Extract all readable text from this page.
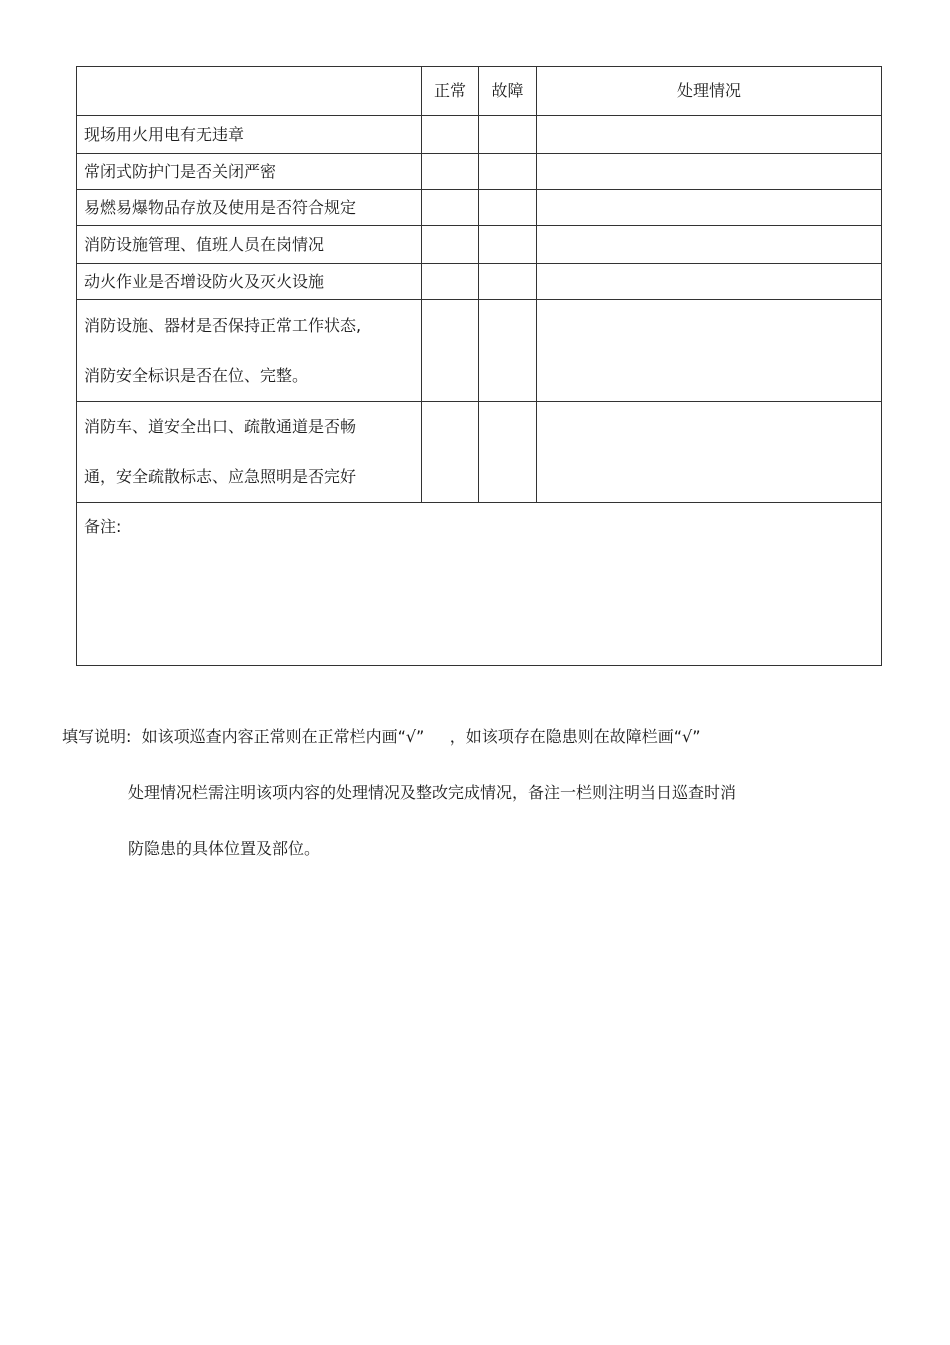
	正常	故障	处理情况
现场用火用电有无违章			
常闭式防护门是否关闭严密			
易燃易爆物品存放及使用是否符合规定			
消防设施管理、值班人员在岗情况			
动火作业是否增设防火及灭火设施			

消防设施、器材是否保持正常工作状态,
消防安全标识是否在位、完整。			

消防车、道安全出口、疏散通道是否畅
通，安全疏散标志、应急照明是否完好			

备注:			
填写说明:  如该项巡查内容正常则在正常栏内画“√”     ，如该项存在隐患则在故障栏画“√”
处理情况栏需注明该项内容的处理情况及整改完成情况，备注一栏则注明当日巡查时消
防隐患的具体位置及部位。
